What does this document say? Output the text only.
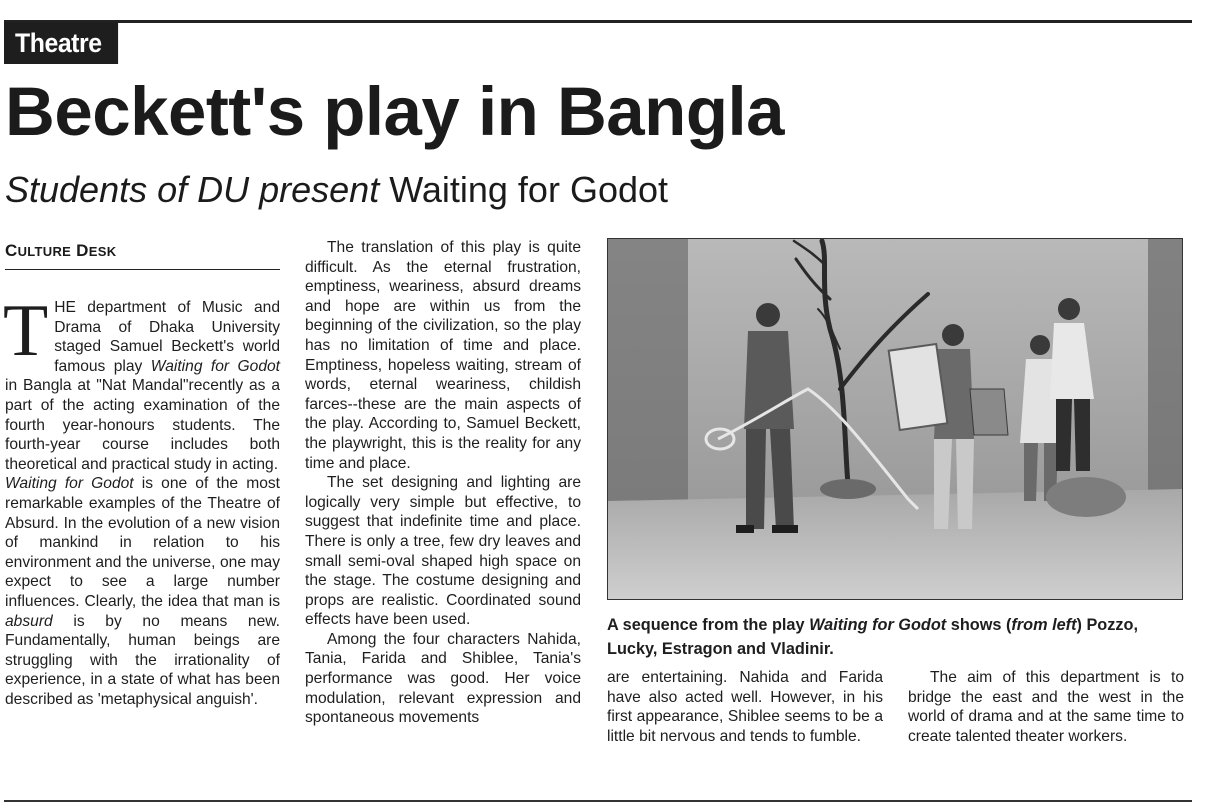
Theatre
Beckett's play in Bangla
Students of DU present Waiting for Godot
CULTURE DESK

THE department of Music and Drama of Dhaka University staged Samuel Beckett's world famous play Waiting for Godot in Bangla at "Nat Mandal"recently as a part of the acting examination of the fourth year-honours students. The fourth-year course includes both theoretical and practical study in acting.

Waiting for Godot is one of the most remarkable examples of the Theatre of Absurd. In the evolution of a new vision of mankind in relation to his environment and the universe, one may expect to see a large number influences. Clearly, the idea that man is absurd is by no means new. Fundamentally, human beings are struggling with the irrationality of experience, in a state of what has been described as 'metaphysical anguish'.

The translation of this play is quite difficult. As the eternal frustration, emptiness, weariness, absurd dreams and hope are within us from the beginning of the civilization, so the play has no limitation of time and place. Emptiness, hopeless waiting, stream of words, eternal weariness, childish farces--these are the main aspects of the play. According to, Samuel Beckett, the playwright, this is the reality for any time and place.

The set designing and lighting are logically very simple but effective, to suggest that indefinite time and place. There is only a tree, few dry leaves and small semi-oval shaped high space on the stage. The costume designing and props are realistic. Coordinated sound effects have been used.

Among the four characters Nahida, Tania, Farida and Shiblee, Tania's performance was good. Her voice modulation, relevant expression and spontaneous movements

A sequence from the play Waiting for Godot shows (from left) Pozzo, Lucky, Estragon and Vladinir.

are entertaining. Nahida and Farida have also acted well. However, in his first appearance, Shiblee seems to be a little bit nervous and tends to fumble.

The aim of this department is to bridge the east and the west in the world of drama and at the same time to create talented theater workers.
